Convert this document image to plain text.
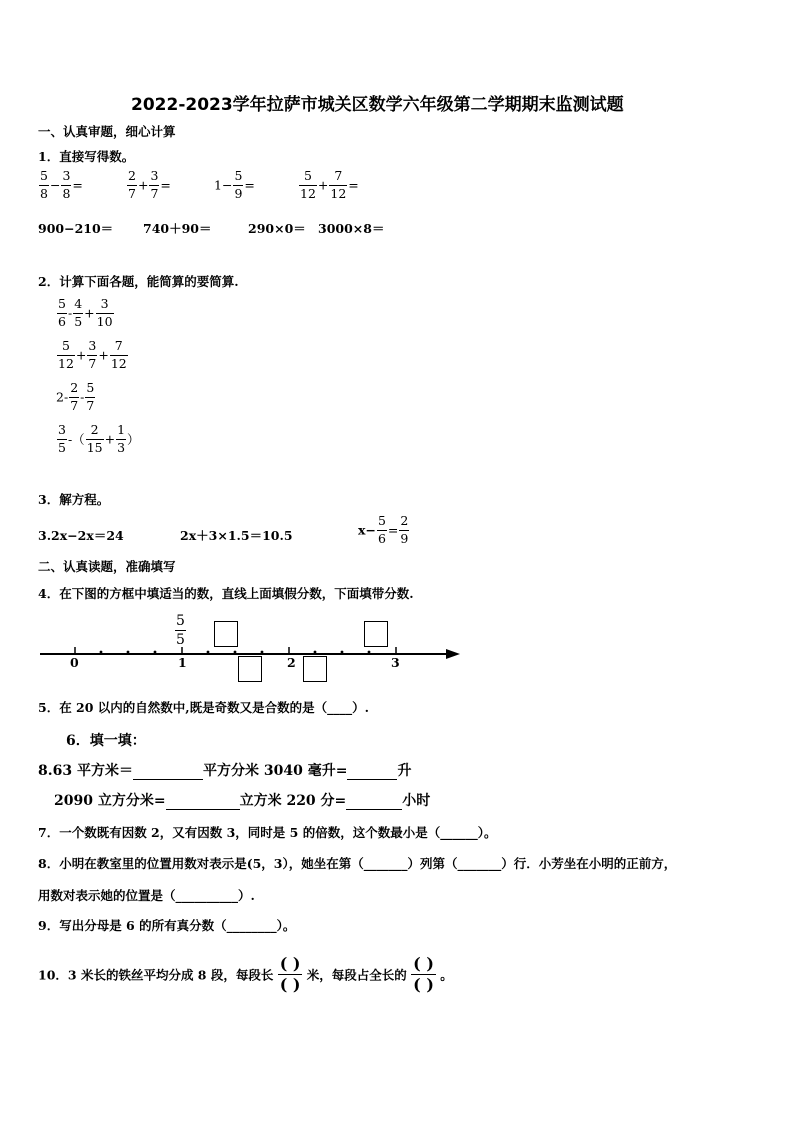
2022-2023学年拉萨市城关区数学六年级第二学期期末监测试题
一、认真审题，细心计算
1．直接写得数。
$\frac{5}{8} - \frac{3}{8}$ =	$\frac{2}{7} + \frac{3}{7}$ =	$1- \frac{5}{9}$ =	$\frac{5}{12} + \frac{7}{12}$ =
900−210＝ 740＋90＝	290×0＝ 3000×8＝
2．计算下面各题，能简算的要简算.
$\frac{5}{6} - \frac{4}{5} + \frac{3}{10}$
$\frac{5}{12} + \frac{3}{7} + \frac{7}{12}$
$2- \frac{2}{7} - \frac{5}{7}$
$\frac{3}{5}$ -（ $\frac{2}{15} + \frac{1}{3}$ ）
3．解方程。
3.2x−2x＝24	2x＋3×1.5＝10.5	$x- \frac{5}{6} = \frac{2}{9}$
二、认真读题，准确填写
4．在下图的方框中填适当的数，直线上面填假分数，下面填带分数.
0	1	2	3
$\frac{5}{5}$
5．在 20 以内的自然数中,既是奇数又是合数的是（____）.
6．填一填：
8.63 平方米＝	平方分米 3040 毫升=	升
2090 立方分米=	立方米 220 分=	小时
7．一个数既有因数 2，又有因数 3，同时是 5 的倍数，这个数最小是（______）。
8．小明在教室里的位置用数对表示是(5，3），她坐在第（_______）列第（_______）行．小芳坐在小明的正前方，
用数对表示她的位置是（__________）.
9．写出分母是 6 的所有真分数（________）。
10．3 米长的铁丝平均分成 8 段，每段长
( )
( ) 米，每段占全长的
( )
( ) 。
